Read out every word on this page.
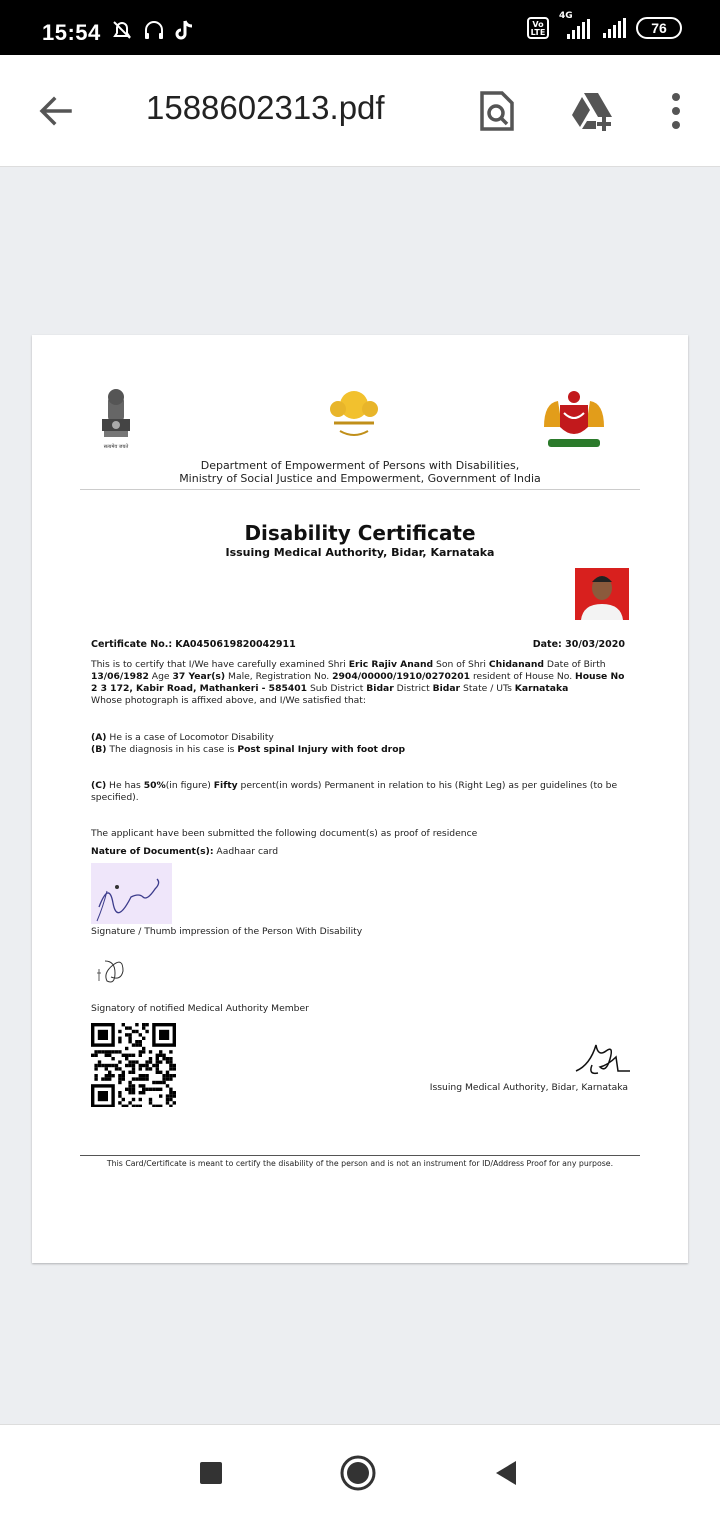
15:54	Vo
LTE
4G
76
1588602313.pdf
सत्यमेव जयते
Department of Empowerment of Persons with Disabilities,
Ministry of Social Justice and Empowerment, Government of India
Disability Certificate
Issuing Medical Authority, Bidar, Karnataka
Certificate No.: KA0450619820042911	Date: 30/03/2020
This is to certify that I/We have carefully examined Shri Eric Rajiv Anand Son of Shri Chidanand Date of Birth 13/06/1982 Age 37 Year(s) Male, Registration No. 2904/00000/1910/0270201 resident of House No. House No 2 3 172, Kabir Road, Mathankeri - 585401 Sub District Bidar District Bidar State / UTs Karnataka
Whose photograph is affixed above, and I/We satisfied that:
(A) He is a case of Locomotor Disability
(B) The diagnosis in his case is Post spinal Injury with foot drop
(C) He has 50%(in figure) Fifty percent(in words) Permanent in relation to his (Right Leg) as per guidelines (to be specified).
The applicant have been submitted the following document(s) as proof of residence
Nature of Document(s): Aadhaar card
Signature / Thumb impression of the Person With Disability
Signatory of notified Medical Authority Member
Issuing Medical Authority, Bidar, Karnataka
This Card/Certificate is meant to certify the disability of the person and is not an instrument for ID/Address Proof for any purpose.
